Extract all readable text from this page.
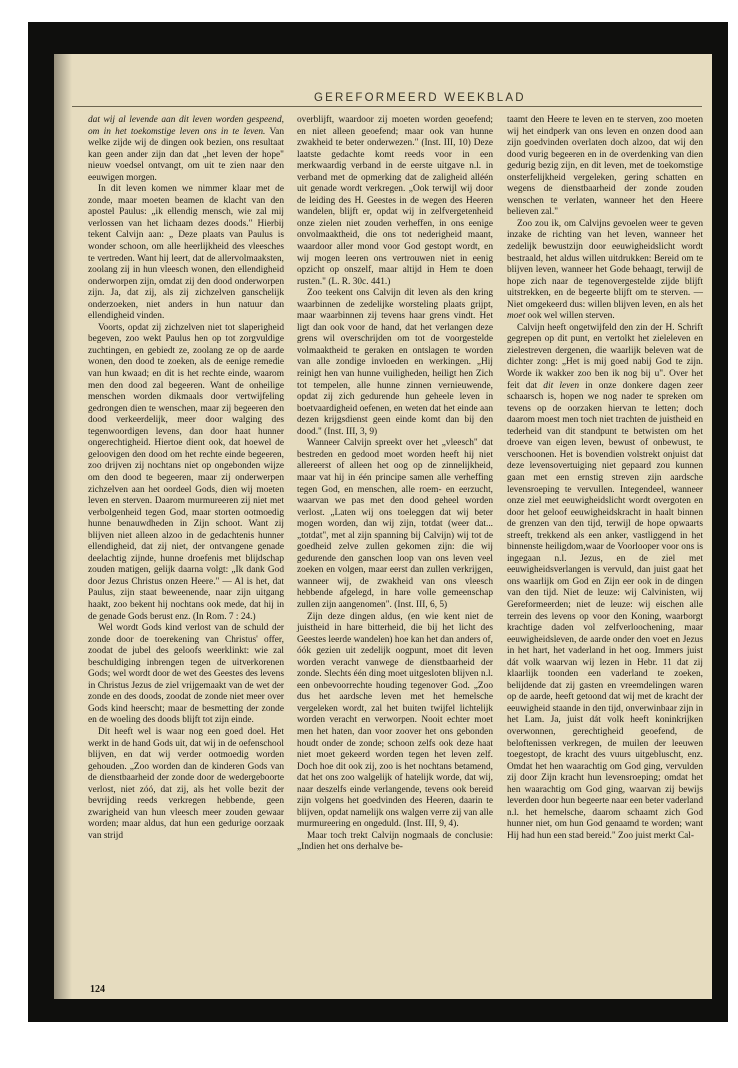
GEREFORMEERD WEEKBLAD

dat wij al levende aan dit leven worden gespeend, om in het toekomstige leven ons in te leven. Van welke zijde wij de dingen ook bezien, ons resultaat kan geen ander zijn dan dat „het leven der hope" nieuw voedsel ontvangt, om uit te zien naar den eeuwigen morgen.

In dit leven komen we nimmer klaar met de zonde, maar moeten beamen de klacht van den apostel Paulus: „ik ellendig mensch, wie zal mij verlossen van het lichaam dezes doods." Hierbij tekent Calvijn aan: „ Deze plaats van Paulus is wonder schoon, om alle heerlijkheid des vleesches te vertreden. Want hij leert, dat de allervolmaaksten, zoolang zij in hun vleesch wonen, den ellendigheid onderworpen zijn, omdat zij den dood onderworpen zijn. Ja, dat zij, als zij zichzelven ganschelijk onderzoeken, niet anders in hun natuur dan ellendigheid vinden.

Voorts, opdat zij zichzelven niet tot slaperigheid begeven, zoo wekt Paulus hen op tot zorgvuldige zuchtingen, en gebiedt ze, zoolang ze op de aarde wonen, den dood te zoeken, als de eenige remedie van hun kwaad; en dit is het rechte einde, waarom men den dood zal begeeren. Want de onheilige menschen worden dikmaals door vertwijfeling gedrongen dien te wenschen, maar zij begeeren den dood verkeerdelijk, meer door walging des tegenwoordigen levens, dan door haat hunner ongerechtigheid. Hiertoe dient ook, dat hoewel de geloovigen den dood om het rechte einde begeeren, zoo drijven zij nochtans niet op ongebonden wijze om den dood te begeeren, maar zij onderwerpen zichzelven aan het oordeel Gods, dien wij moeten leven en sterven. Daarom murmureeren zij niet met verbolgenheid tegen God, maar storten ootmoedig hunne benauwdheden in Zijn schoot. Want zij blijven niet alleen alzoo in de gedachtenis hunner ellendigheid, dat zij niet, der ontvangene genade deelachtig zijnde, hunne droefenis met blijdschap zouden matigen, gelijk daarna volgt: „Ik dank God door Jezus Christus onzen Heere." — Al is het, dat Paulus, zijn staat beweenende, naar zijn uitgang haakt, zoo bekent hij nochtans ook mede, dat hij in de genade Gods berust enz. (In Rom. 7 : 24.)

Wel wordt Gods kind verlost van de schuld der zonde door de toerekening van Christus' offer, zoodat de jubel des geloofs weerklinkt: wie zal beschuldiging inbrengen tegen de uitverkorenen Gods; wel wordt door de wet des Geestes des levens in Christus Jezus de ziel vrijgemaakt van de wet der zonde en des doods, zoodat de zonde niet meer over Gods kind heerscht; maar de besmetting der zonde en de woeling des doods blijft tot zijn einde.

Dit heeft wel is waar nog een goed doel. Het werkt in de hand Gods uit, dat wij in de oefenschool blijven, en dat wij verder ootmoedig worden gehouden. „Zoo worden dan de kinderen Gods van de dienstbaarheid der zonde door de wedergeboorte verlost, niet zóó, dat zij, als het volle bezit der bevrijding reeds verkregen hebbende, geen zwarigheid van hun vleesch meer zouden gewaar worden; maar aldus, dat hun een gedurige oorzaak van strijd

overblijft, waardoor zij moeten worden geoefend; en niet alleen geoefend; maar ook van hunne zwakheid te beter onderwezen." (Inst. III, 10) Deze laatste gedachte komt reeds voor in een merkwaardig verband in de eerste uitgave n.l. in verband met de opmerking dat de zaligheid alléén uit genade wordt verkregen. „Ook terwijl wij door de leiding des H. Geestes in de wegen des Heeren wandelen, blijft er, opdat wij in zelfvergetenheid onze zielen niet zouden verheffen, in ons eenige onvolmaaktheid, die ons tot nederigheid maant, waardoor aller mond voor God gestopt wordt, en wij mogen leeren ons vertrouwen niet in eenig opzicht op onszelf, maar altijd in Hem te doen rusten." (L. R. 30c. 441.)

Zoo teekent ons Calvijn dit leven als den kring waarbinnen de zedelijke worsteling plaats grijpt, maar waarbinnen zij tevens haar grens vindt. Het ligt dan ook voor de hand, dat het verlangen deze grens wil overschrijden om tot de voorgestelde volmaaktheid te geraken en ontslagen te worden van alle zondige invloeden en werkingen. „Hij reinigt hen van hunne vuiligheden, heiligt hen Zich tot tempelen, alle hunne zinnen vernieuwende, opdat zij zich gedurende hun geheele leven in boetvaardigheid oefenen, en weten dat het einde aan dezen krijgsdienst geen einde komt dan bij den dood." (Inst. III, 3, 9)

Wanneer Calvijn spreekt over het „vleesch" dat bestreden en gedood moet worden heeft hij niet allereerst of alleen het oog op de zinnelijkheid, maar vat hij in één principe samen alle verheffing tegen God, en menschen, alle roem- en eerzucht, waarvan we pas met den dood geheel worden verlost. „Laten wij ons toeleggen dat wij beter mogen worden, dan wij zijn, totdat (weer dat... „totdat", met al zijn spanning bij Calvijn) wij tot de goedheid zelve zullen gekomen zijn: die wij gedurende den ganschen loop van ons leven veel zoeken en volgen, maar eerst dan zullen verkrijgen, wanneer wij, de zwakheid van ons vleesch hebbende afgelegd, in hare volle gemeenschap zullen zijn aangenomen". (Inst. III, 6, 5)

Zijn deze dingen aldus, (en wie kent niet de juistheid in hare bitterheid, die bij het licht des Geestes leerde wandelen) hoe kan het dan anders of, óók gezien uit zedelijk oogpunt, moet dit leven worden veracht vanwege de dienstbaarheid der zonde. Slechts één ding moet uitgesloten blijven n.l. een onbevoorrechte houding tegenover God. „Zoo dus het aardsche leven met het hemelsche vergeleken wordt, zal het buiten twijfel lichtelijk worden veracht en verworpen. Nooit echter moet men het haten, dan voor zoover het ons gebonden houdt onder de zonde; schoon zelfs ook deze haat niet moet gekeerd worden tegen het leven zelf. Doch hoe dit ook zij, zoo is het nochtans betamend, dat het ons zoo walgelijk of hatelijk worde, dat wij, naar deszelfs einde verlangende, tevens ook bereid zijn volgens het goedvinden des Heeren, daarin te blijven, opdat namelijk ons walgen verre zij van alle murmureering en ongeduld. (Inst. III, 9, 4).

Maar toch trekt Calvijn nogmaals de conclusie: „Indien het ons derhalve be-

taamt den Heere te leven en te sterven, zoo moeten wij het eindperk van ons leven en onzen dood aan zijn goedvinden overlaten doch alzoo, dat wij den dood vurig begeeren en in de overdenking van dien gedurig bezig zijn, en dit leven, met de toekomstige onsterfelijkheid vergeleken, gering schatten en wegens de dienstbaarheid der zonde zouden wenschen te verlaten, wanneer het den Heere believen zal."

Zoo zou ik, om Calvijns gevoelen weer te geven inzake de richting van het leven, wanneer het zedelijk bewustzijn door eeuwigheidslicht wordt bestraald, het aldus willen uitdrukken: Bereid om te blijven leven, wanneer het Gode behaagt, terwijl de hope zich naar de tegenovergestelde zijde blijft uitstrekken, en de begeerte blijft om te sterven. — Niet omgekeerd dus: willen blijven leven, en als het moet ook wel willen sterven.

Calvijn heeft ongetwijfeld den zin der H. Schrift gegrepen op dit punt, en vertolkt het zieleleven en zielestreven dergenen, die waarlijk beleven wat de dichter zong: „Het is mij goed nabij God te zijn. Worde ik wakker zoo ben ik nog bij u". Over het feit dat dit leven in onze donkere dagen zeer schaarsch is, hopen we nog nader te spreken om tevens op de oorzaken hiervan te letten; doch daarom moest men toch niet trachten de juistheid en tederheid van dit standpunt te betwisten om het droeve van eigen leven, bewust of onbewust, te verschoonen. Het is bovendien volstrekt onjuist dat deze levensovertuiging niet gepaard zou kunnen gaan met een ernstig streven zijn aardsche levensroeping te vervullen. Integendeel, wanneer onze ziel met eeuwigheidslicht wordt overgoten en door het geloof eeuwigheidskracht in haalt binnen de grenzen van den tijd, terwijl de hope opwaarts streeft, trekkend als een anker, vastliggend in het binnenste heiligdom,waar de Voorlooper voor ons is ingegaan n.l. Jezus, en de ziel met eeuwigheidsverlangen is vervuld, dan juist gaat het ons waarlijk om God en Zijn eer ook in de dingen van den tijd. Niet de leuze: wij Calvinisten, wij Gereformeerden; niet de leuze: wij eischen alle terrein des levens op voor den Koning, waarborgt krachtige daden vol zelfverloochening, maar eeuwigheidsleven, de aarde onder den voet en Jezus in het hart, het vaderland in het oog. Immers juist dát volk waarvan wij lezen in Hebr. 11 dat zij klaarlijk toonden een vaderland te zoeken, belijdende dat zij gasten en vreemdelingen waren op de aarde, heeft getoond dat wij met de kracht der eeuwigheid staande in den tijd, onverwinbaar zijn in het Lam. Ja, juist dát volk heeft koninkrijken overwonnen, gerechtigheid geoefend, de beloftenissen verkregen, de muilen der leeuwen toegestopt, de kracht des vuurs uitgebluscht, enz. Omdat het hen waarachtig om God ging, vervulden zij door Zijn kracht hun levensroeping; omdat het hen waarachtig om God ging, waarvan zij bewijs leverden door hun begeerte naar een beter vaderland n.l. het hemelsche, daarom schaamt zich God hunner niet, om hun God genaamd te worden; want Hij had hun een stad bereid." Zoo juist merkt Cal-

124
